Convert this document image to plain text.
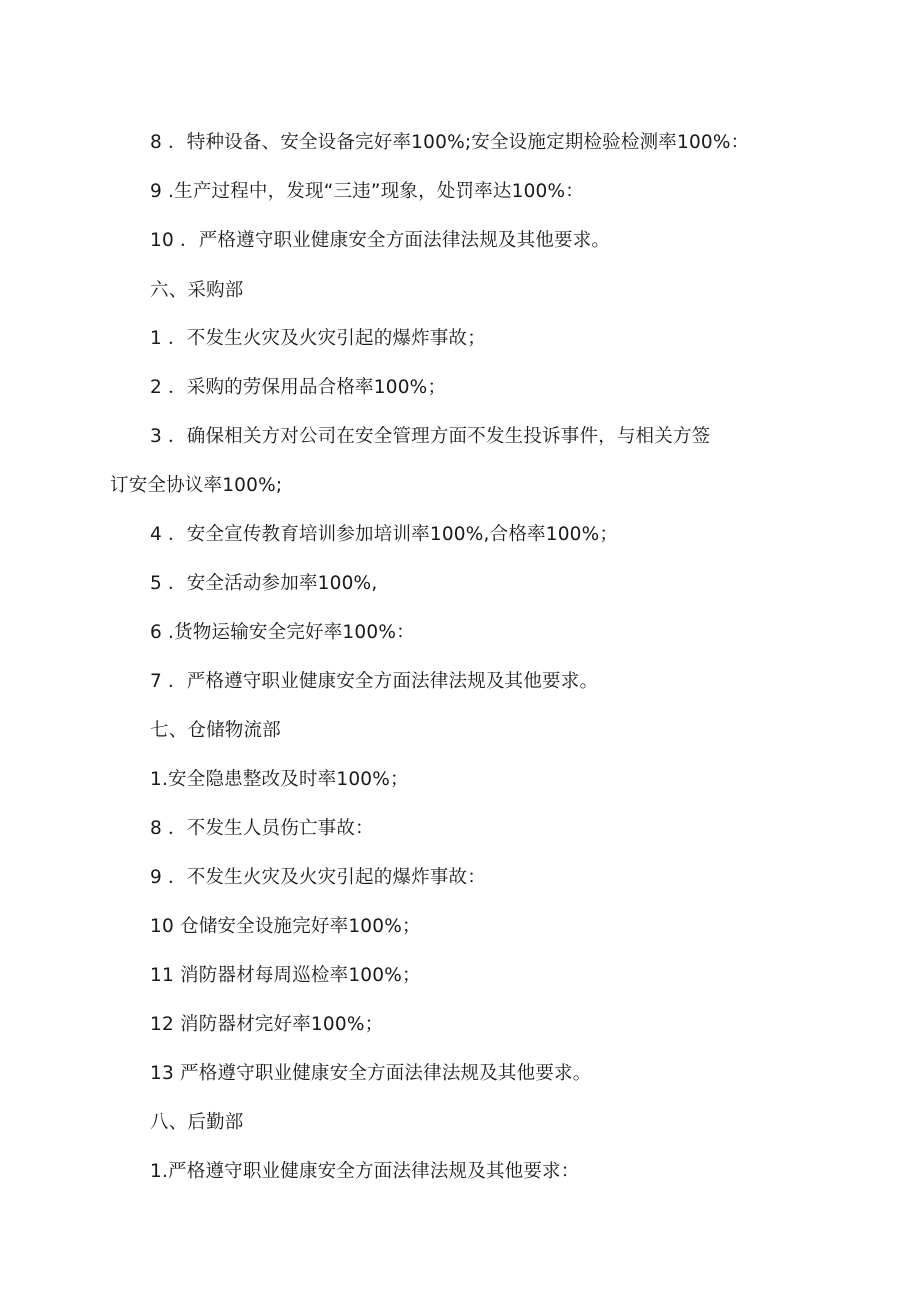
8 ．特种设备、安全设备完好率100%;安全设施定期检验检测率100%：
9 .生产过程中，发现“三违”现象，处罚率达100%：
10 ．严格遵守职业健康安全方面法律法规及其他要求。
六、采购部
1 ．不发生火灾及火灾引起的爆炸事故；
2 ．采购的劳保用品合格率100%；
3 ．确保相关方对公司在安全管理方面不发生投诉事件，与相关方签
订安全协议率100%;
4 ．安全宣传教育培训参加培训率100%,合格率100%；
5 ．安全活动参加率100%,
6 .货物运输安全完好率100%：
7 ．严格遵守职业健康安全方面法律法规及其他要求。
七、仓储物流部
1.安全隐患整改及时率100%；
8 ．不发生人员伤亡事故：
9 ．不发生火灾及火灾引起的爆炸事故：
10 仓储安全设施完好率100%；
11 消防器材每周巡检率100%；
12 消防器材完好率100%；
13 严格遵守职业健康安全方面法律法规及其他要求。
八、后勤部
1.严格遵守职业健康安全方面法律法规及其他要求：
